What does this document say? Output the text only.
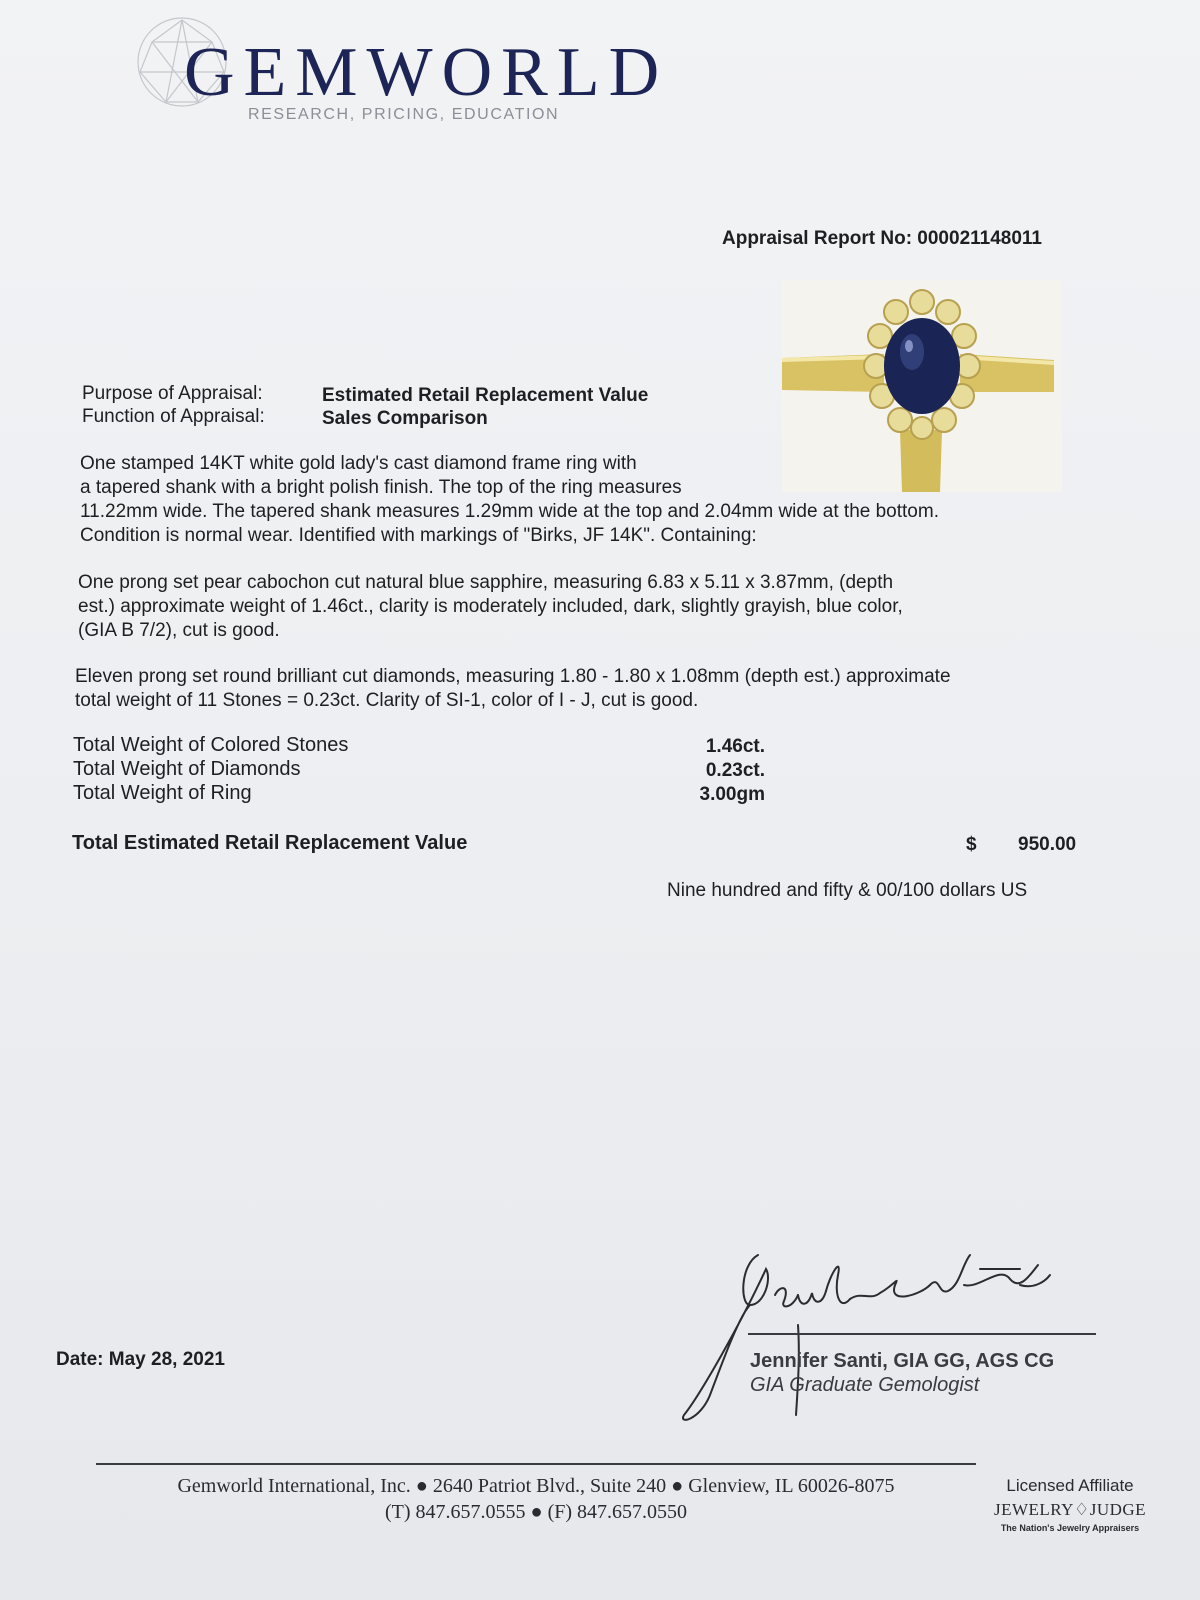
GEMWORLD
RESEARCH, PRICING, EDUCATION
Appraisal Report No: 000021148011
Purpose of Appraisal:	Estimated Retail Replacement Value
Function of Appraisal:	Sales Comparison
One stamped 14KT white gold lady's cast diamond frame ring with
a tapered shank with a bright polish finish. The top of the ring measures
11.22mm wide. The tapered shank measures 1.29mm wide at the top and 2.04mm wide at the bottom.
Condition is normal wear. Identified with markings of "Birks, JF 14K". Containing:
One prong set pear cabochon cut natural blue sapphire, measuring 6.83 x 5.11 x 3.87mm, (depth
est.) approximate weight of 1.46ct., clarity is moderately included, dark, slightly grayish, blue color,
(GIA B 7/2), cut is good.
Eleven prong set round brilliant cut diamonds, measuring 1.80 - 1.80 x 1.08mm (depth est.) approximate
total weight of 11 Stones = 0.23ct. Clarity of SI-1, color of I - J, cut is good.
Total Weight of Colored Stones	1.46ct.
Total Weight of Diamonds	0.23ct.
Total Weight of Ring	3.00gm
Total Estimated Retail Replacement Value	$ 950.00
Nine hundred and fifty & 00/100 dollars US
Date: May 28, 2021	Jennifer Santi, GIA GG, AGS CG
GIA Graduate Gemologist
Gemworld International, Inc. ● 2640 Patriot Blvd., Suite 240 ● Glenview, IL 60026-8075
(T) 847.657.0555 ● (F) 847.657.0550
Licensed Affiliate
JEWELRY♢JUDGE
The Nation's Jewelry Appraisers
